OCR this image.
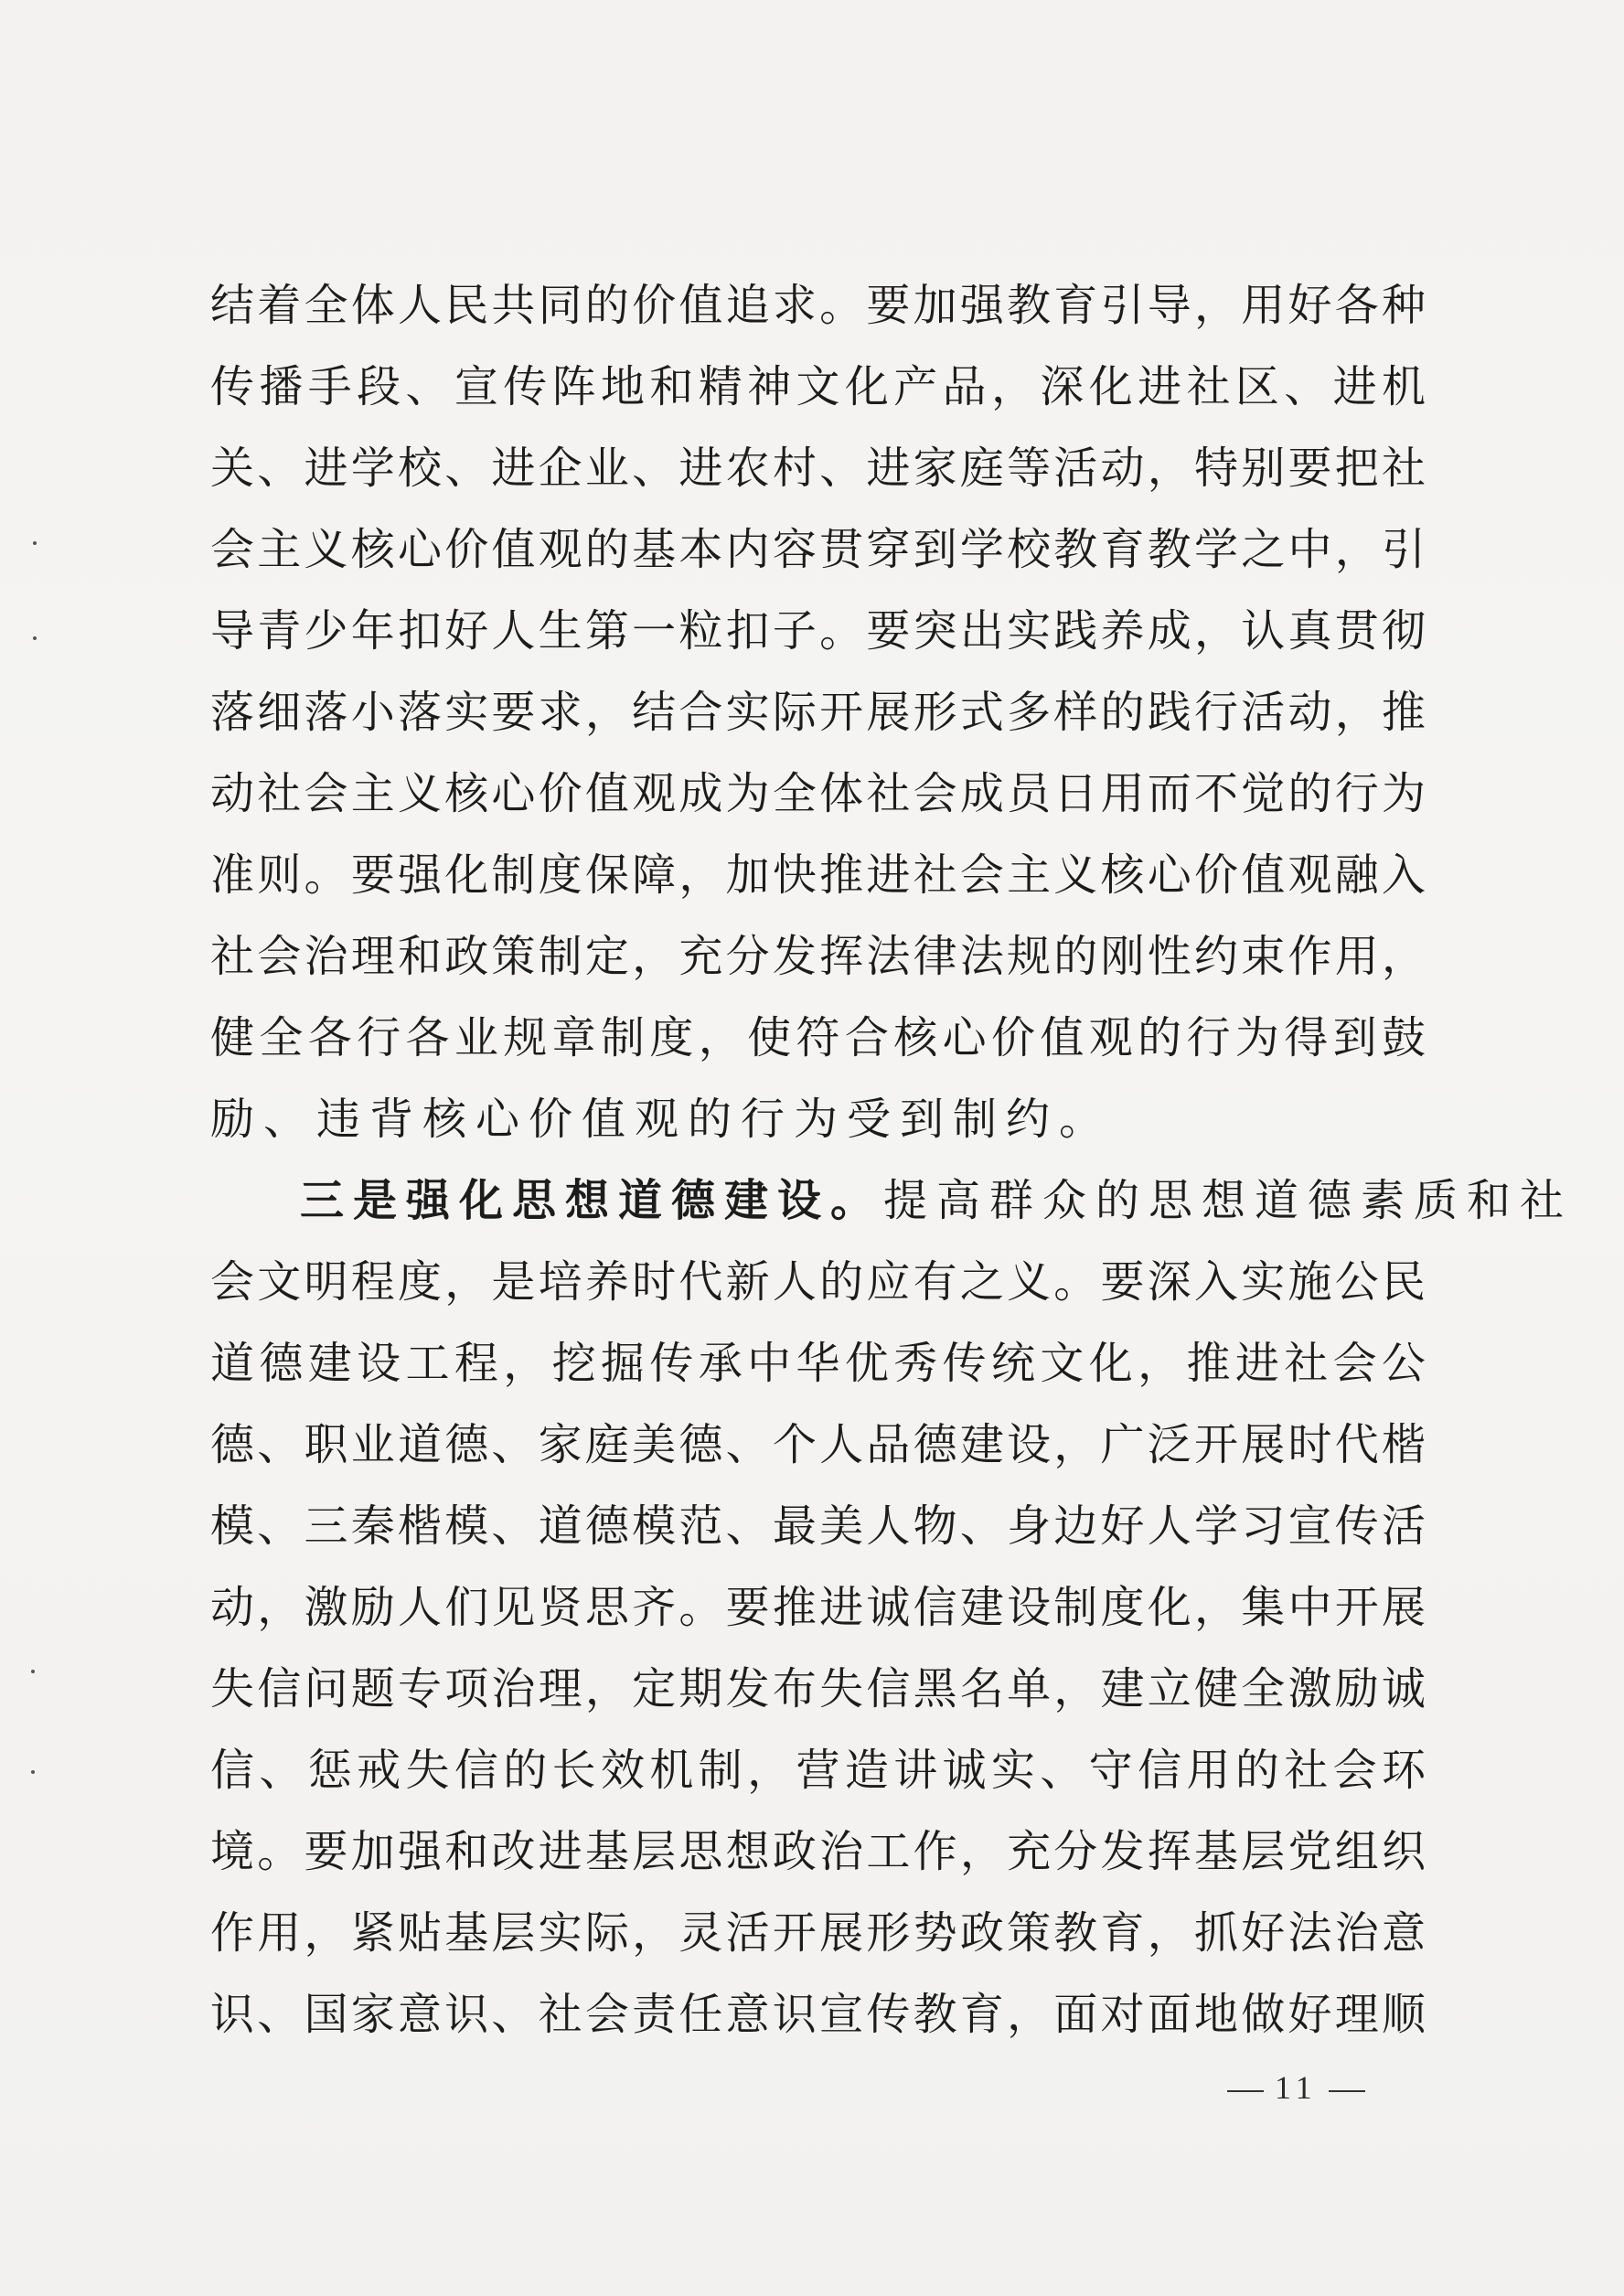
结着全体人民共同的价值追求。要加强教育引导，用好各种
传播手段、宣传阵地和精神文化产品，深化进社区、进机
关、进学校、进企业、进农村、进家庭等活动，特别要把社
会主义核心价值观的基本内容贯穿到学校教育教学之中，引
导青少年扣好人生第一粒扣子。要突出实践养成，认真贯彻
落细落小落实要求，结合实际开展形式多样的践行活动，推
动社会主义核心价值观成为全体社会成员日用而不觉的行为
准则。要强化制度保障，加快推进社会主义核心价值观融入
社会治理和政策制定，充分发挥法律法规的刚性约束作用，
健全各行各业规章制度，使符合核心价值观的行为得到鼓
励、违背核心价值观的行为受到制约。
三是强化思想道德建设。提高群众的思想道德素质和社
会文明程度，是培养时代新人的应有之义。要深入实施公民
道德建设工程，挖掘传承中华优秀传统文化，推进社会公
德、职业道德、家庭美德、个人品德建设，广泛开展时代楷
模、三秦楷模、道德模范、最美人物、身边好人学习宣传活
动，激励人们见贤思齐。要推进诚信建设制度化，集中开展
失信问题专项治理，定期发布失信黑名单，建立健全激励诚
信、惩戒失信的长效机制，营造讲诚实、守信用的社会环
境。要加强和改进基层思想政治工作，充分发挥基层党组织
作用，紧贴基层实际，灵活开展形势政策教育，抓好法治意
识、国家意识、社会责任意识宣传教育，面对面地做好理顺
11
